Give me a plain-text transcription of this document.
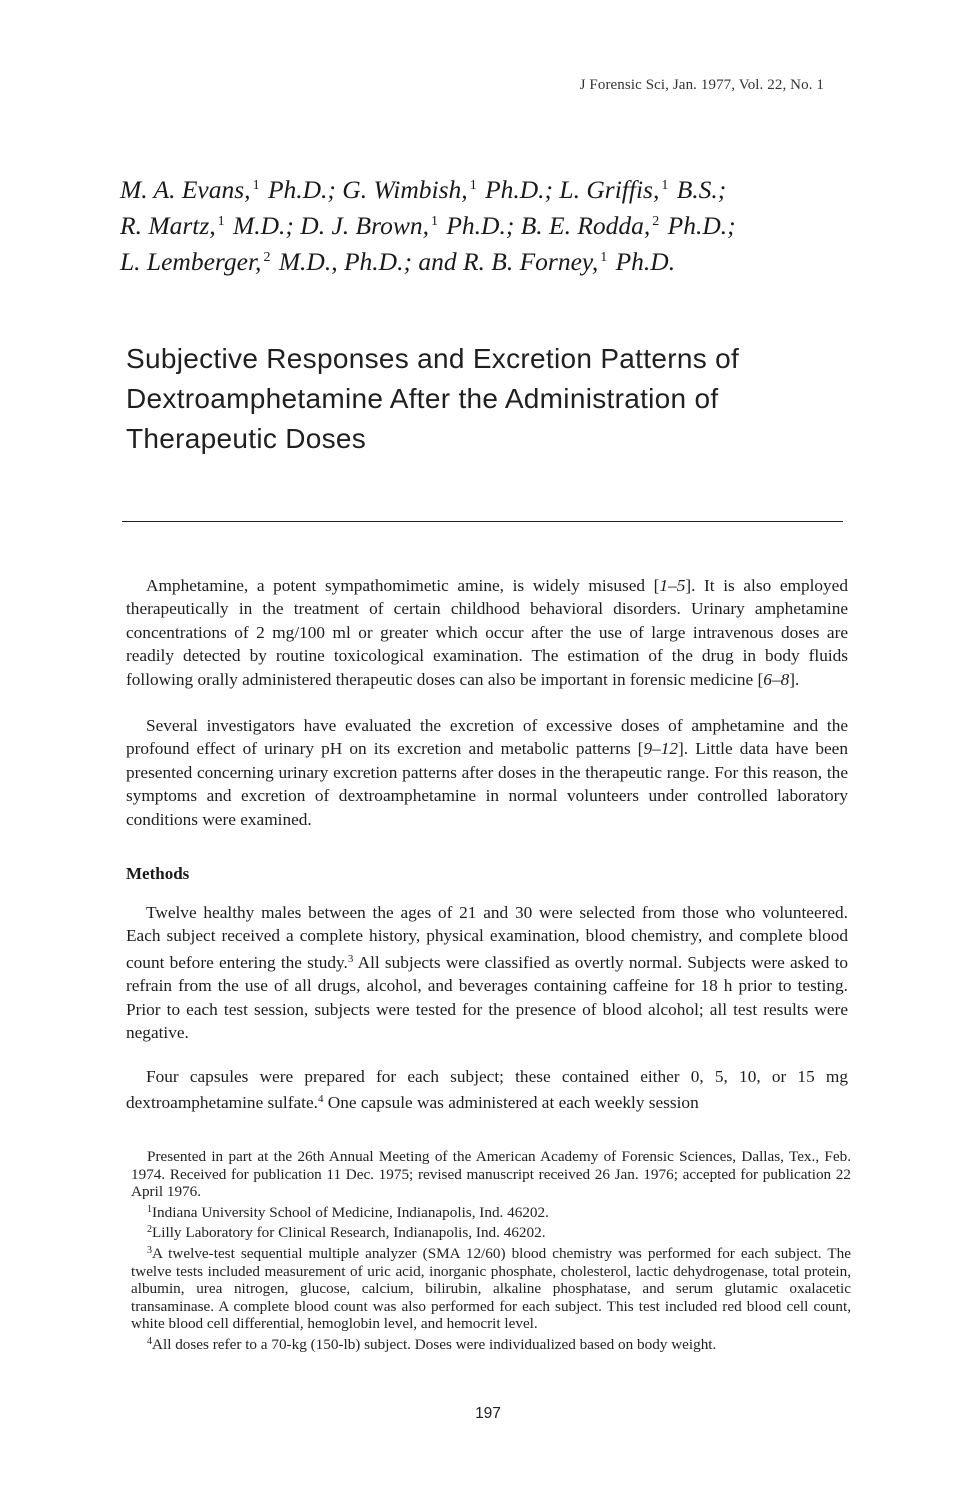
J Forensic Sci, Jan. 1977, Vol. 22, No. 1
M. A. Evans, $^1$ Ph.D.; G. Wimbish, $^1$ Ph.D.; L. Griffis, $^1$ B.S.;
R. Martz, $^1$ M.D.; D. J. Brown, $^1$ Ph.D.; B. E. Rodda, $^2$ Ph.D.;
L. Lemberger, $^2$ M.D., Ph.D.; and R. B. Forney, $^1$ Ph.D.
Subjective Responses and Excretion Patterns of
Dextroamphetamine After the Administration of
Therapeutic Doses

Amphetamine, a potent sympathomimetic amine, is widely misused [1–5]. It is also employed therapeutically in the treatment of certain childhood behavioral disorders. Urinary amphetamine concentrations of 2 mg/100 ml or greater which occur after the use of large intravenous doses are readily detected by routine toxicological examination. The estimation of the drug in body fluids following orally administered therapeutic doses can also be important in forensic medicine [6–8].

Several investigators have evaluated the excretion of excessive doses of amphetamine and the profound effect of urinary pH on its excretion and metabolic patterns [9–12]. Little data have been presented concerning urinary excretion patterns after doses in the therapeutic range. For this reason, the symptoms and excretion of dextroamphetamine in normal volunteers under controlled laboratory conditions were examined.

Methods

Twelve healthy males between the ages of 21 and 30 were selected from those who volunteered. Each subject received a complete history, physical examination, blood chemistry, and complete blood count before entering the study.$^3$ All subjects were classified as overtly normal. Subjects were asked to refrain from the use of all drugs, alcohol, and beverages containing caffeine for 18 h prior to testing. Prior to each test session, subjects were tested for the presence of blood alcohol; all test results were negative.

Four capsules were prepared for each subject; these contained either 0, 5, 10, or 15 mg dextroamphetamine sulfate.$^4$ One capsule was administered at each weekly session

Presented in part at the 26th Annual Meeting of the American Academy of Forensic Sciences, Dallas, Tex., Feb. 1974. Received for publication 11 Dec. 1975; revised manuscript received 26 Jan. 1976; accepted for publication 22 April 1976.

$^1$Indiana University School of Medicine, Indianapolis, Ind. 46202.

$^2$Lilly Laboratory for Clinical Research, Indianapolis, Ind. 46202.

$^3$A twelve-test sequential multiple analyzer (SMA 12/60) blood chemistry was performed for each subject. The twelve tests included measurement of uric acid, inorganic phosphate, cholesterol, lactic dehydrogenase, total protein, albumin, urea nitrogen, glucose, calcium, bilirubin, alkaline phosphatase, and serum glutamic oxalacetic transaminase. A complete blood count was also performed for each subject. This test included red blood cell count, white blood cell differential, hemoglobin level, and hemocrit level.

$^4$All doses refer to a 70-kg (150-lb) subject. Doses were individualized based on body weight.

197
